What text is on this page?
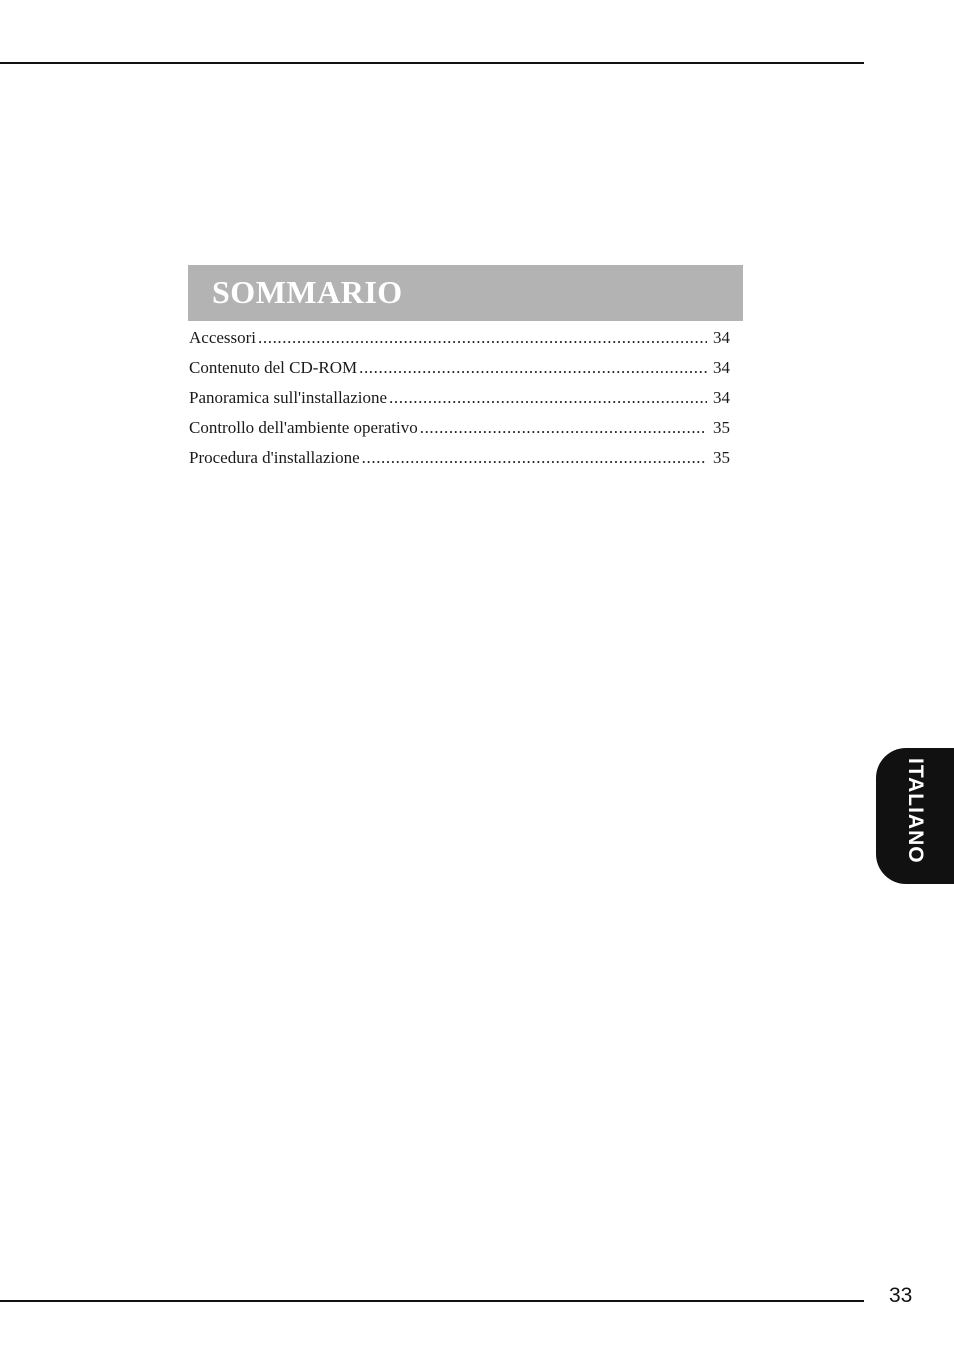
SOMMARIO
Accessori .....	34
Contenuto del CD-ROM .....	34
Panoramica sull'installazione .....	34
Controllo dell'ambiente operativo .....	35
Procedura d'installazione .....	35
ITALIANO
33
